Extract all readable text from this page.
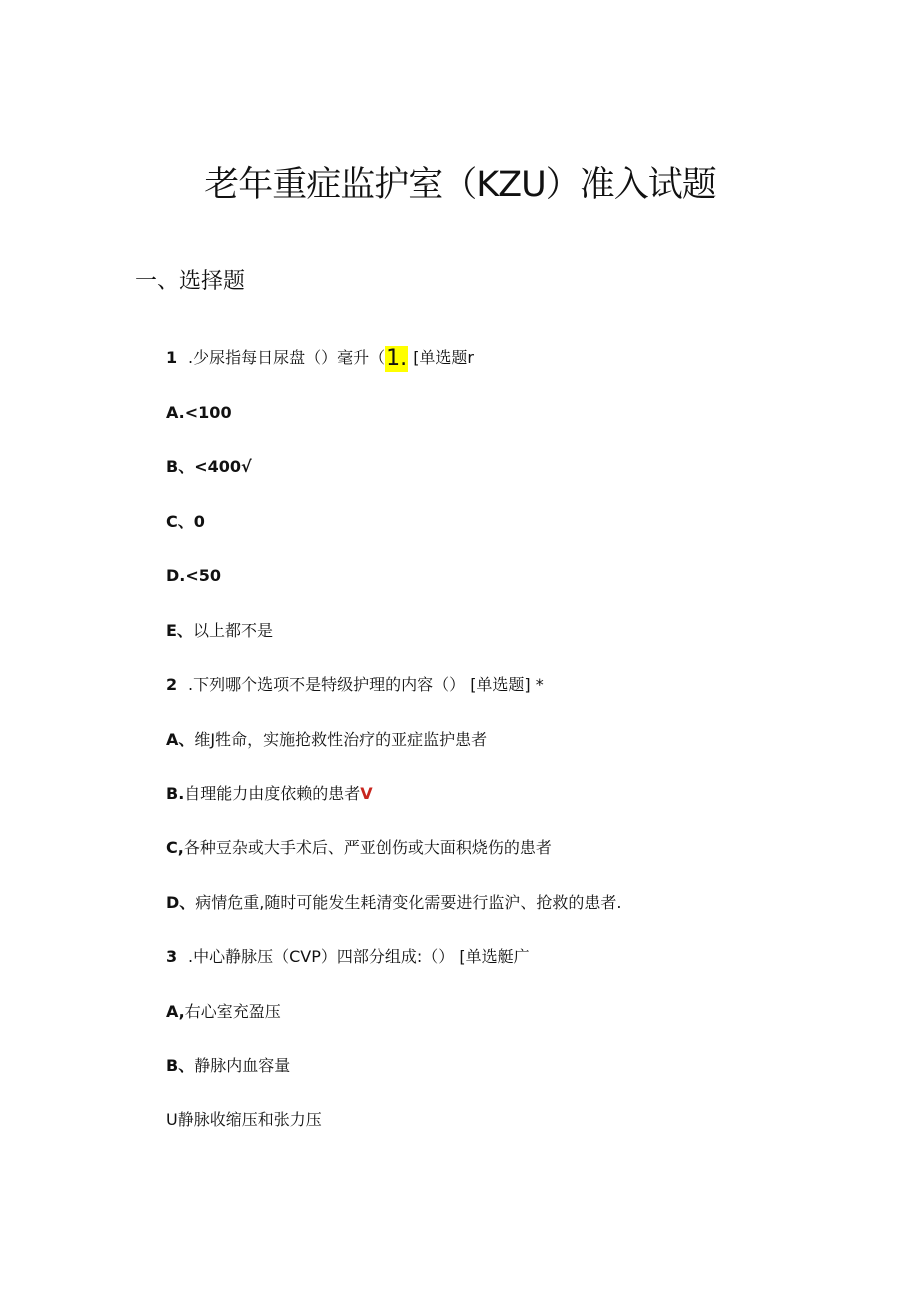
老年重症监护室（KZU）准入试题
一、选择题
1 .少尿指每日尿盘（）毫升（1. [单选题r
A.<100
B、<400√
C、0
D.<50
E、以上都不是
2 .下列哪个选项不是特级护理的内容（） [单选题] *
A、维J牲命，实施抢救性治疗的亚症监护患者
B.自理能力由度依赖的患者V
C,各种豆杂或大手术后、严亚创伤或大面积烧伤的患者
D、病情危重,随时可能发生耗清变化需要进行监沪、抢救的患者.
3 .中心静脉压（CVP）四部分组成:（） [单选艇广
A,右心室充盈压
B、静脉内血容量
U静脉收缩压和张力压
